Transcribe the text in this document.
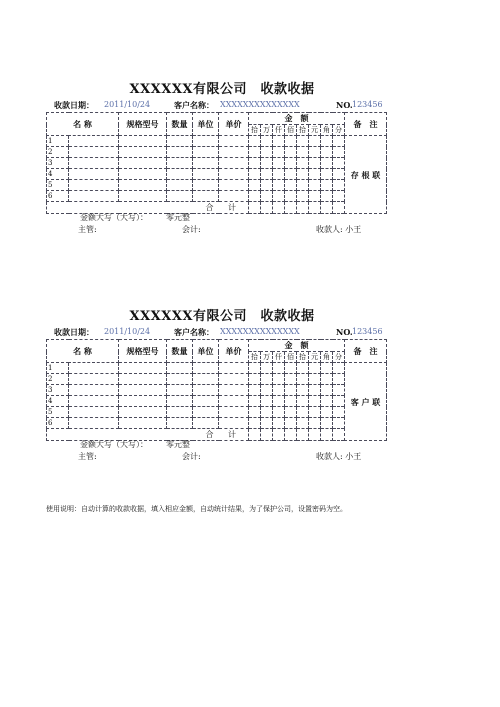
XXXXXX有限公司　收款收据
收款日期： 2011/10/24	客户名称： XXXXXXXXXXXXXX	NO. 123456
名 称		规格型号	数量	单位	单价	金　额								备　注
						拾	万	仟	佰	拾	元	角	分	
1														存 根 联
2														
3														
4														
5														
6														
合 计														
金额大写（大写）： 零元整
主管:	会计:	收款人: 小王
XXXXXX有限公司　收款收据
收款日期： 2011/10/24	客户名称： XXXXXXXXXXXXXX	NO. 123456
名 称		规格型号	数量	单位	单价	金　额								备　注
						拾	万	仟	佰	拾	元	角	分	
1														客 户 联
2														
3														
4														
5														
6														
合 计														
金额大写（大写）： 零元整
主管:	会计:	收款人: 小王
使用说明：自动计算的收款收据，填入相应金额，自动统计结果，为了保护公司，设置密码为空。
